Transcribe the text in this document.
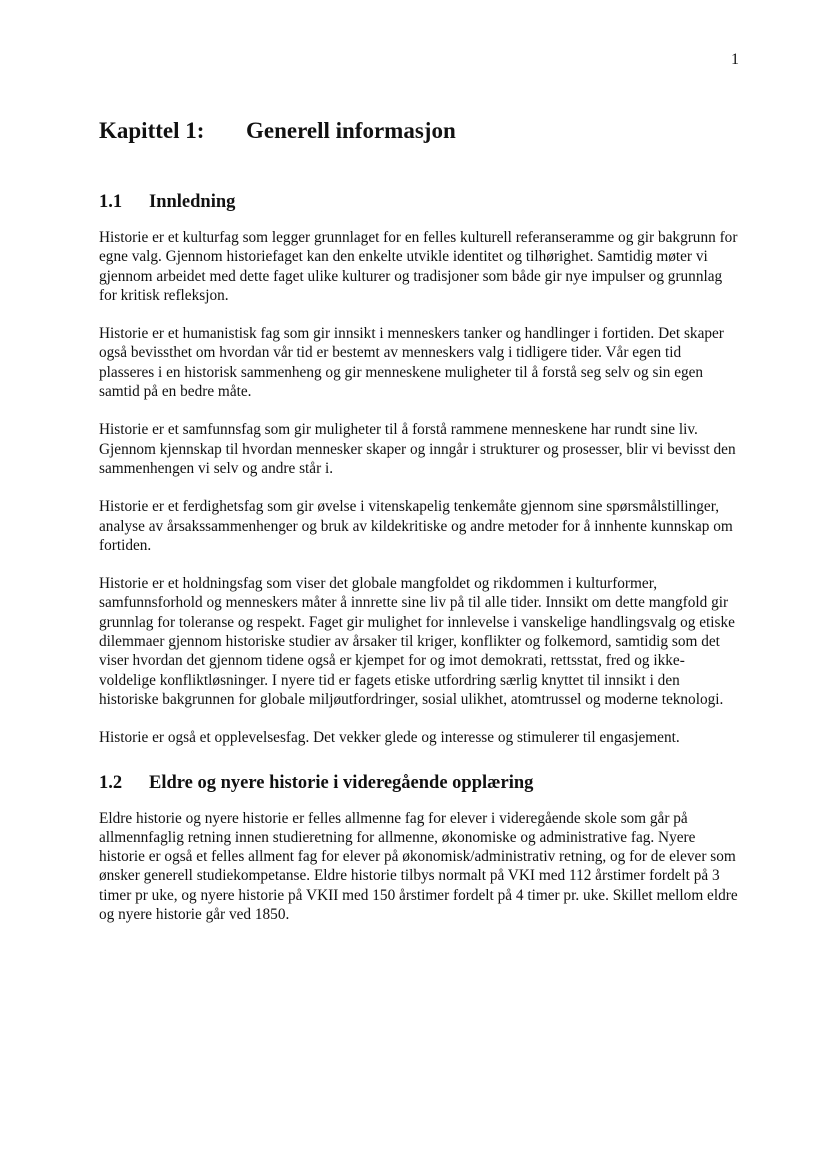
1
Kapittel 1:	Generell informasjon
1.1	Innledning

Historie er et kulturfag som legger grunnlaget for en felles kulturell referanseramme og gir bakgrunn for egne valg. Gjennom historiefaget kan den enkelte utvikle identitet og tilhørighet. Samtidig møter vi gjennom arbeidet med dette faget ulike kulturer og tradisjoner som både gir nye impulser og grunnlag for kritisk refleksjon.

Historie er et humanistisk fag som gir innsikt i menneskers tanker og handlinger i fortiden. Det skaper også bevissthet om hvordan vår tid er bestemt av menneskers valg i tidligere tider. Vår egen tid plasseres i en historisk sammenheng og gir menneskene muligheter til å forstå seg selv og sin egen samtid på en bedre måte.

Historie er et samfunnsfag som gir muligheter til å forstå rammene menneskene har rundt sine liv. Gjennom kjennskap til hvordan mennesker skaper og inngår i strukturer og prosesser, blir vi bevisst den sammenhengen vi selv og andre står i.

Historie er et ferdighetsfag som gir øvelse i vitenskapelig tenkemåte gjennom sine spørsmålstillinger, analyse av årsakssammenhenger og bruk av kildekritiske og andre metoder for å innhente kunnskap om fortiden.

Historie er et holdningsfag som viser det globale mangfoldet og rikdommen i kulturformer, samfunnsforhold og menneskers måter å innrette sine liv på til alle tider. Innsikt om dette mangfold gir grunnlag for toleranse og respekt. Faget gir mulighet for innlevelse i vanskelige handlingsvalg og etiske dilemmaer gjennom historiske studier av årsaker til kriger, konflikter og folkemord, samtidig som det viser hvordan det gjennom tidene også er kjempet for og imot demokrati, rettsstat, fred og ikke-voldelige konfliktløsninger. I nyere tid er fagets etiske utfordring særlig knyttet til innsikt i den historiske bakgrunnen for globale miljøutfordringer, sosial ulikhet, atomtrussel og moderne teknologi.

Historie er også et opplevelsesfag. Det vekker glede og interesse og stimulerer til engasjement.

1.2	Eldre og nyere historie i videregående opplæring

Eldre historie og nyere historie er felles allmenne fag for elever i videregående skole som går på allmennfaglig retning innen studieretning for allmenne, økonomiske og administrative fag. Nyere historie er også et felles allment fag for elever på økonomisk/administrativ retning, og for de elever som ønsker generell studiekompetanse. Eldre historie tilbys normalt på VKI med 112 årstimer fordelt på 3 timer pr uke, og nyere historie på VKII med 150 årstimer fordelt på 4 timer pr. uke. Skillet mellom eldre og nyere historie går ved 1850.
